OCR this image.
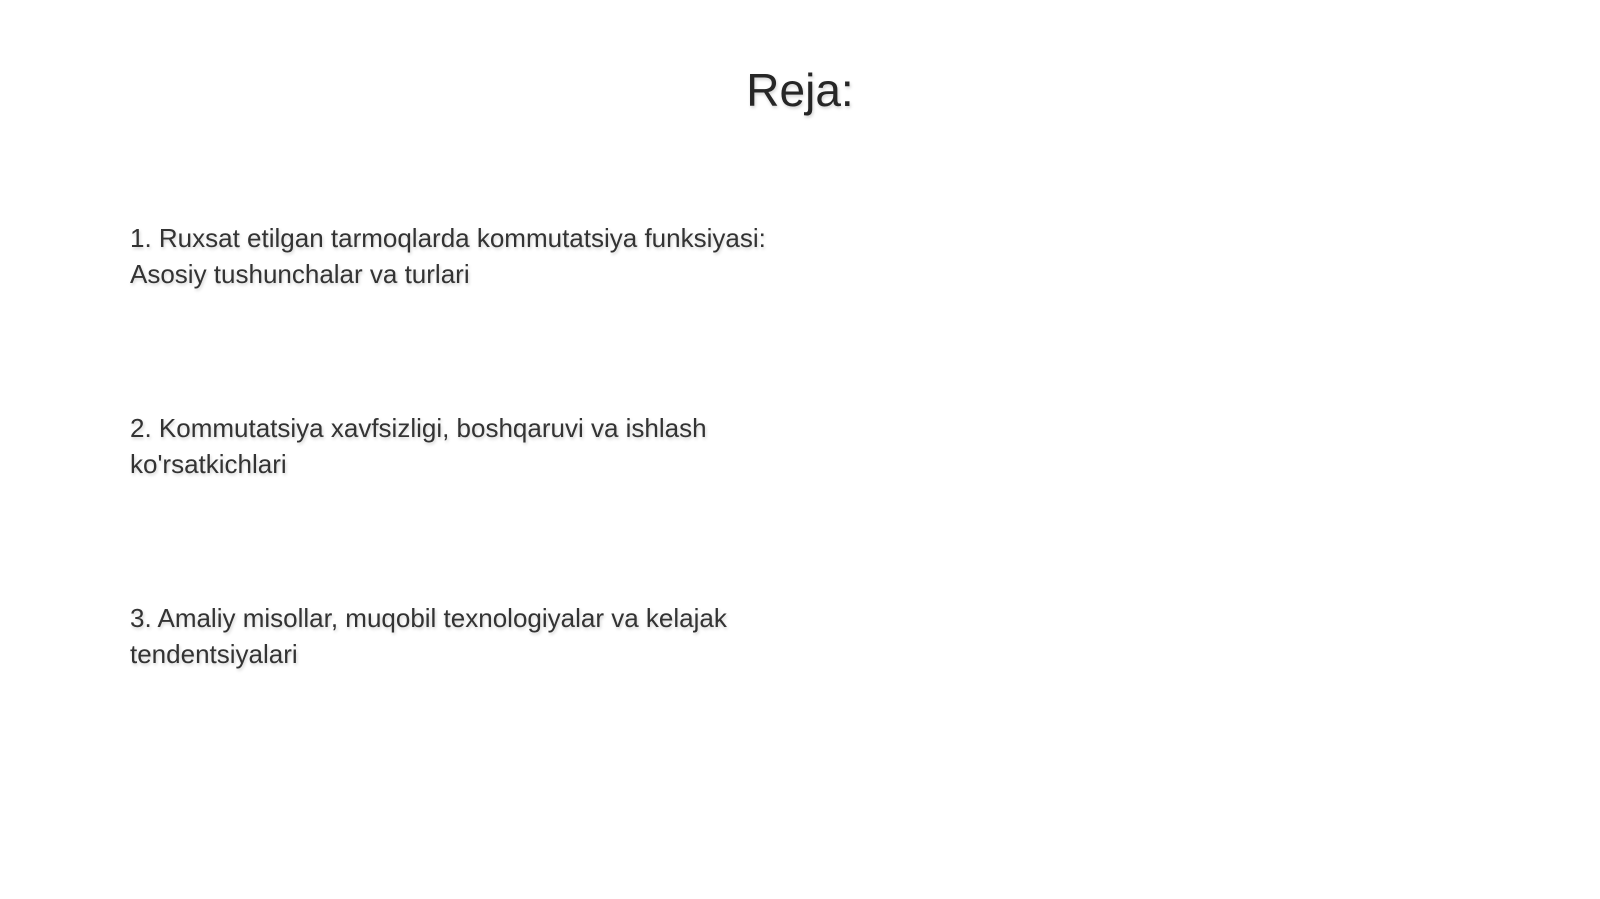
Reja:

1. Ruxsat etilgan tarmoqlarda kommutatsiya funksiyasi:
Asosiy tushunchalar va turlari

2. Kommutatsiya xavfsizligi, boshqaruvi va ishlash
ko'rsatkichlari

3. Amaliy misollar, muqobil texnologiyalar va kelajak
tendentsiyalari
